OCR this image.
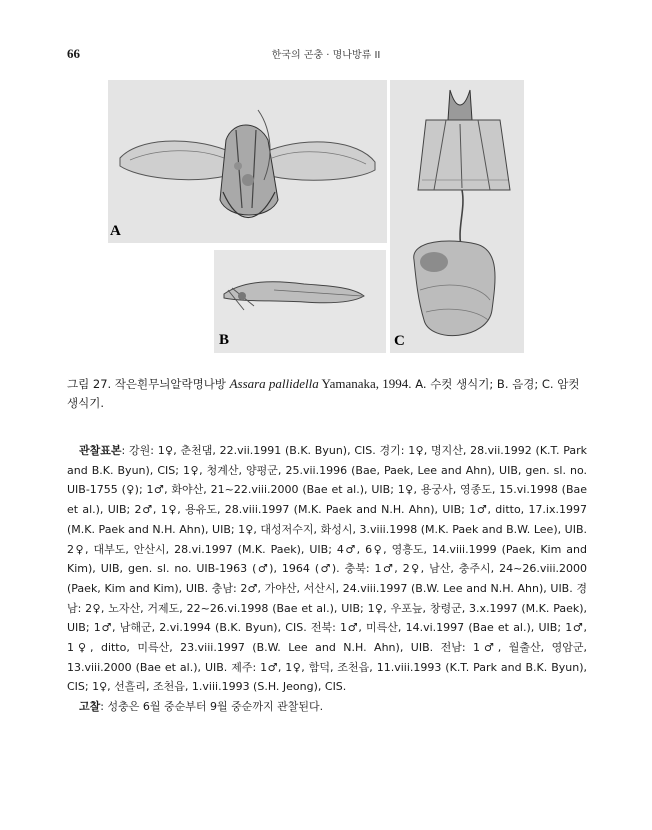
66	한국의 곤충 · 명나방류 II
A
B	C
그림 27. 작은흰무늬알락명나방 Assara pallidella Yamanaka, 1994. A. 수컷 생식기; B. 음경; C. 암컷 생식기.

관찰표본: 강원: 1♀, 춘천댐, 22.vii.1991 (B.K. Byun), CIS. 경기: 1♀, 명지산, 28.vii.1992 (K.T. Park and B.K. Byun), CIS; 1♀, 청계산, 양평군, 25.vii.1996 (Bae, Paek, Lee and Ahn), UIB, gen. sl. no. UIB-1755 (♀); 1♂, 화야산, 21~22.viii.2000 (Bae et al.), UIB; 1♀, 용궁사, 영종도, 15.vi.1998 (Bae et al.), UIB; 2♂, 1♀, 용유도, 28.viii.1997 (M.K. Paek and N.H. Ahn), UIB; 1♂, ditto, 17.ix.1997 (M.K. Paek and N.H. Ahn), UIB; 1♀, 대성저수지, 화성시, 3.viii.1998 (M.K. Paek and B.W. Lee), UIB. 2♀, 대부도, 안산시, 28.vi.1997 (M.K. Paek), UIB; 4♂, 6♀, 영흥도, 14.viii.1999 (Paek, Kim and Kim), UIB, gen. sl. no. UIB-1963 (♂), 1964 (♂). 충북: 1♂, 2♀, 남산, 충주시, 24~26.viii.2000 (Paek, Kim and Kim), UIB. 충남: 2♂, 가야산, 서산시, 24.viii.1997 (B.W. Lee and N.H. Ahn), UIB. 경남: 2♀, 노자산, 거제도, 22~26.vi.1998 (Bae et al.), UIB; 1♀, 우포늪, 창령군, 3.x.1997 (M.K. Paek), UIB; 1♂, 남해군, 2.vi.1994 (B.K. Byun), CIS. 전북: 1♂, 미륵산, 14.vi.1997 (Bae et al.), UIB; 1♂, 1♀, ditto, 미륵산, 23.viii.1997 (B.W. Lee and N.H. Ahn), UIB. 전남: 1♂, 월출산, 영암군, 13.viii.2000 (Bae et al.), UIB. 제주: 1♂, 1♀, 함덕, 조천읍, 11.viii.1993 (K.T. Park and B.K. Byun), CIS; 1♀, 선흘리, 조천읍, 1.viii.1993 (S.H. Jeong), CIS.

고찰: 성충은 6월 중순부터 9월 중순까지 관찰된다.
